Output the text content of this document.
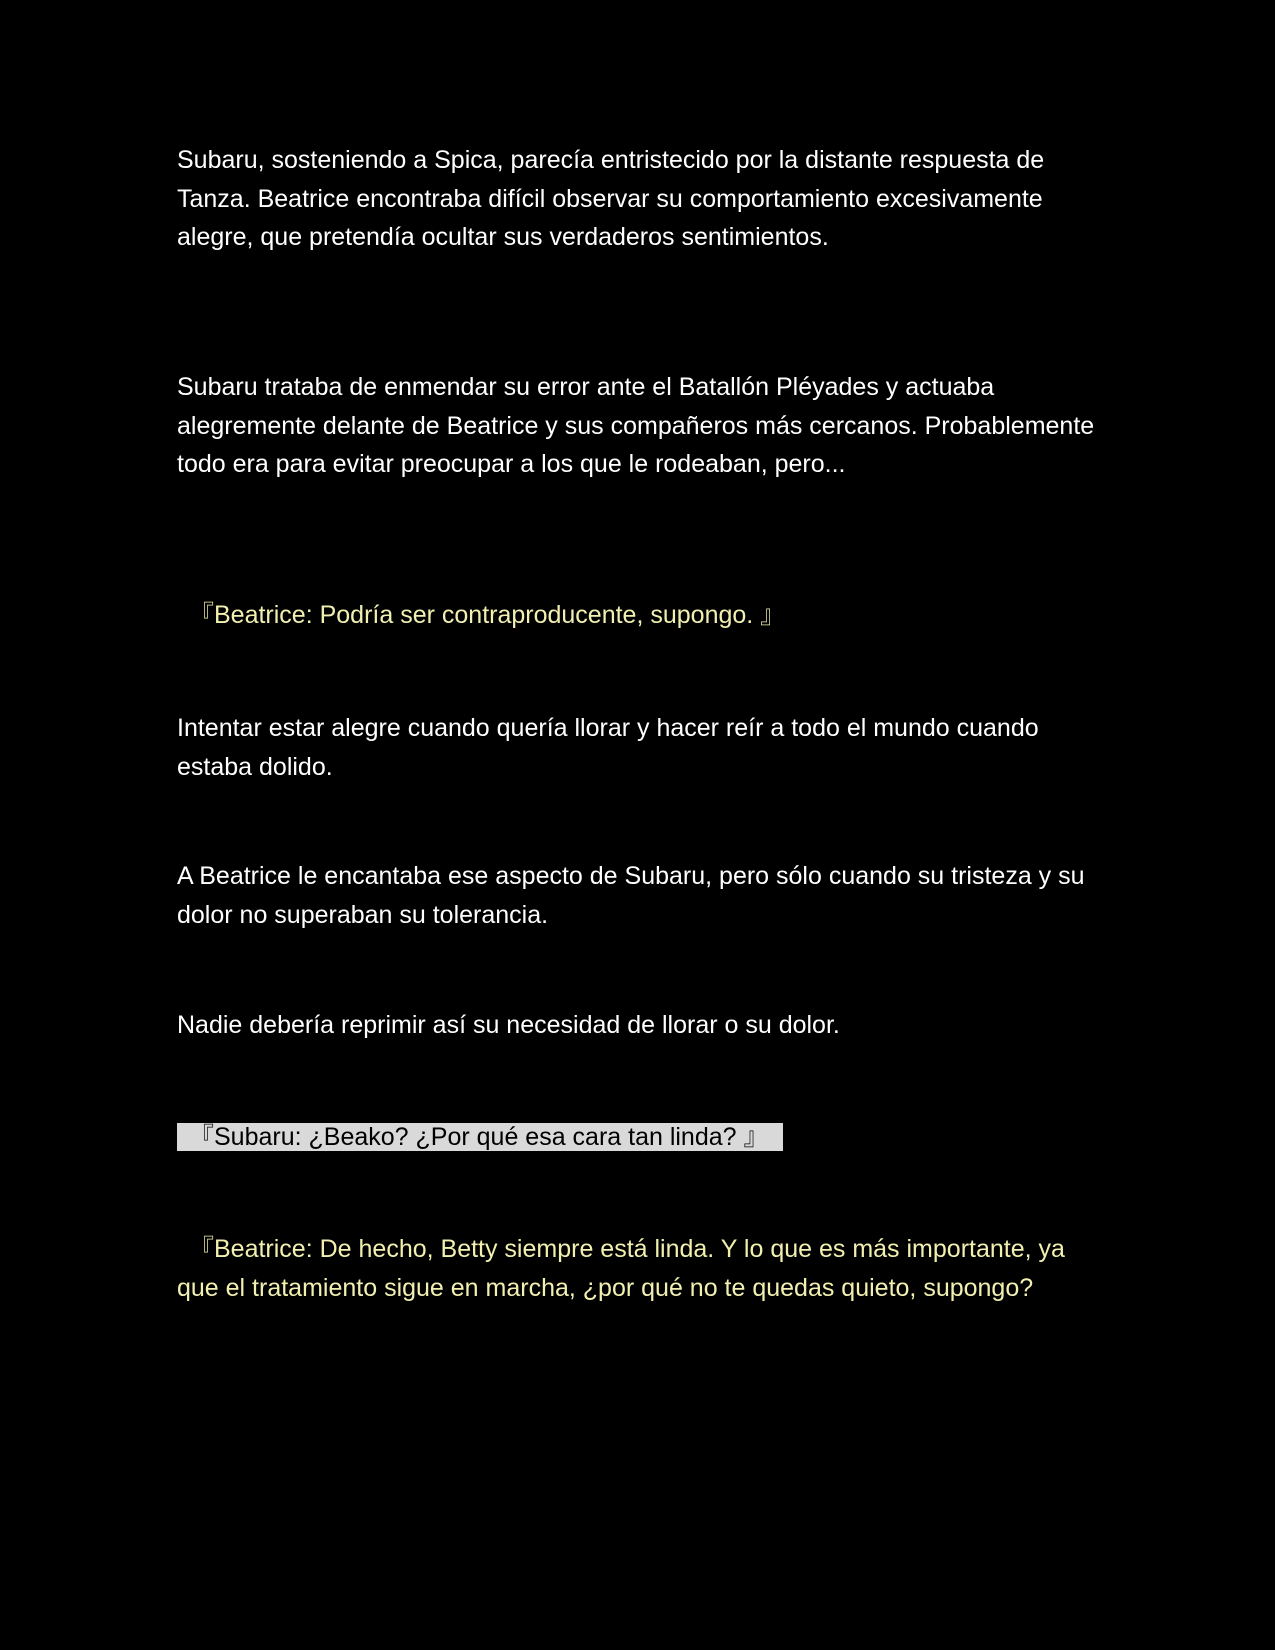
Subaru, sosteniendo a Spica, parecía entristecido por la distante respuesta de Tanza. Beatrice encontraba difícil observar su comportamiento excesivamente alegre, que pretendía ocultar sus verdaderos sentimientos.

Subaru trataba de enmendar su error ante el Batallón Pléyades y actuaba alegremente delante de Beatrice y sus compañeros más cercanos. Probablemente todo era para evitar preocupar a los que le rodeaban, pero...

『Beatrice: Podría ser contraproducente, supongo. 』

Intentar estar alegre cuando quería llorar y hacer reír a todo el mundo cuando estaba dolido.

A Beatrice le encantaba ese aspecto de Subaru, pero sólo cuando su tristeza y su dolor no superaban su tolerancia.

Nadie debería reprimir así su necesidad de llorar o su dolor.

『Subaru: ¿Beako? ¿Por qué esa cara tan linda? 』

『Beatrice: De hecho, Betty siempre está linda. Y lo que es más importante, ya que el tratamiento sigue en marcha, ¿por qué no te quedas quieto, supongo?
